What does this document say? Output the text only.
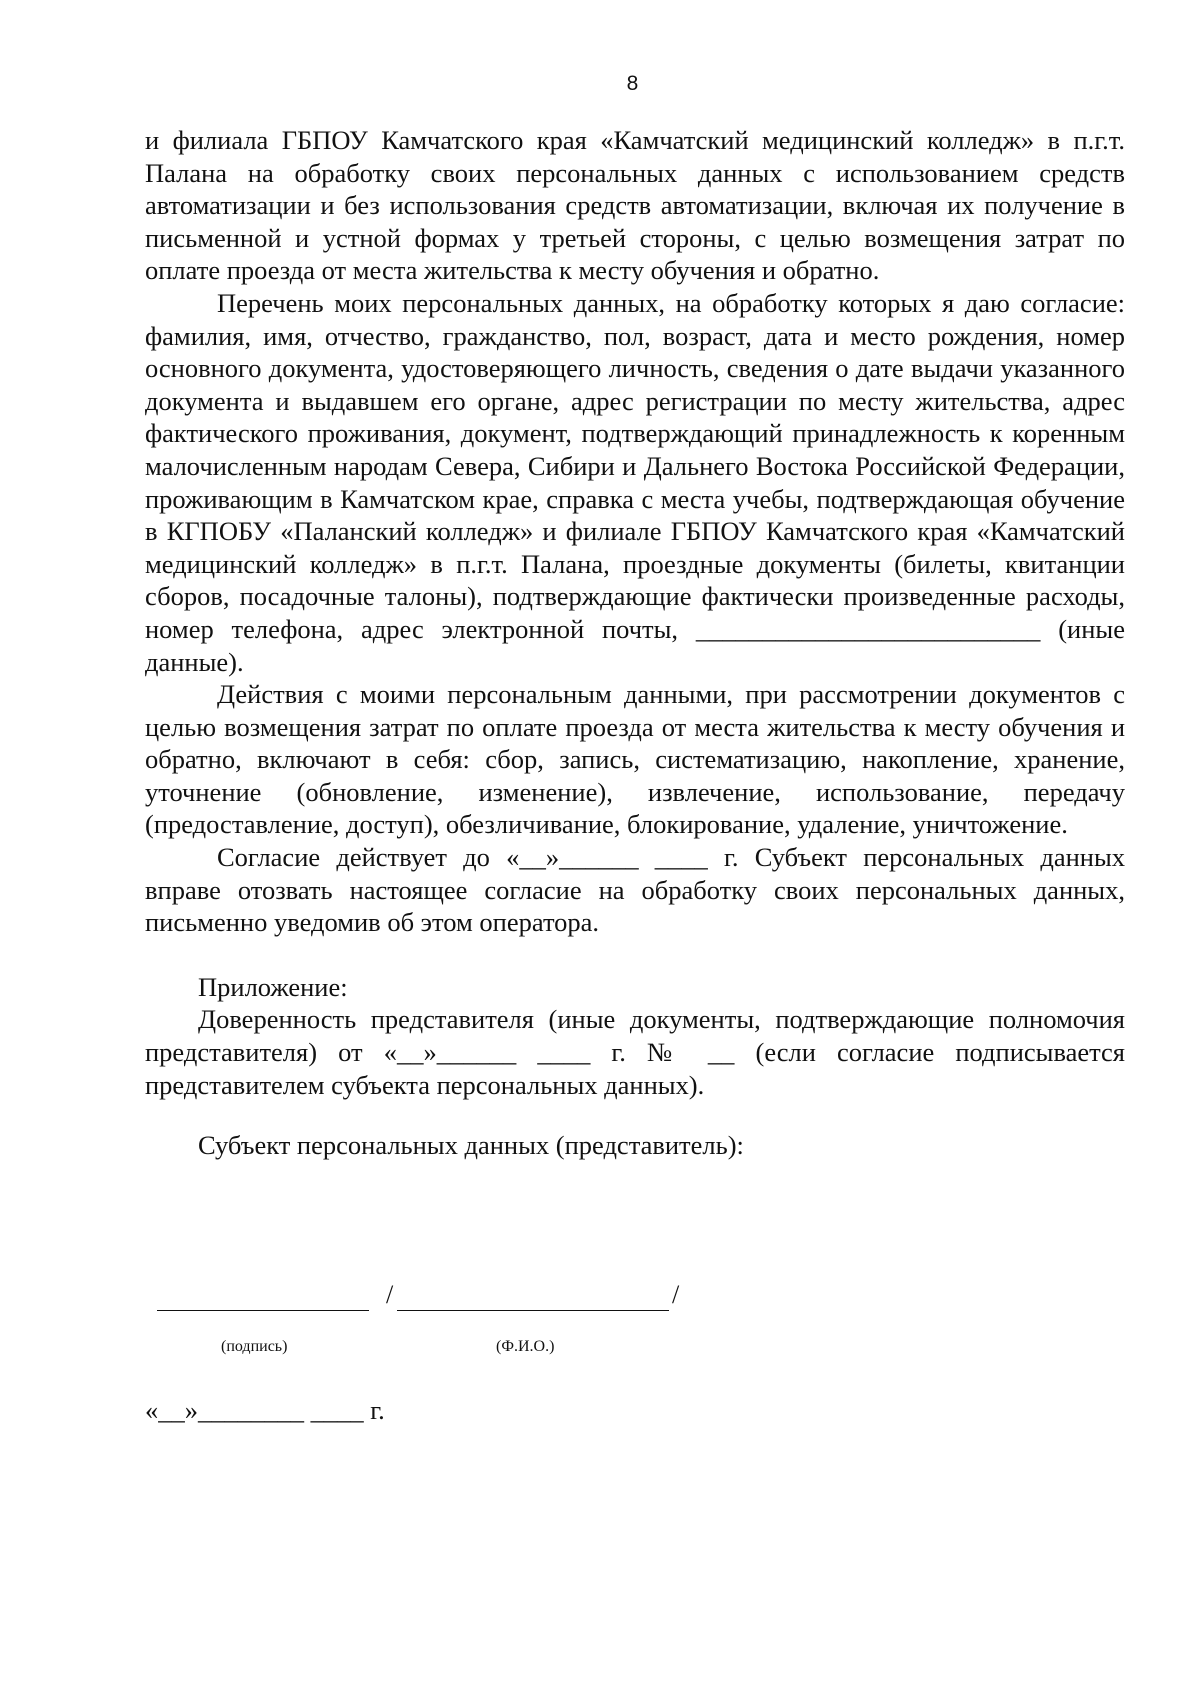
8

и филиала ГБПОУ Камчатского края «Камчатский медицинский колледж» в п.г.т. Палана на обработку своих персональных данных с использованием средств автоматизации и без использования средств автоматизации, включая их получение в письменной и устной формах у третьей стороны, с целью возмещения затрат по оплате проезда от места жительства к месту обучения и обратно.

Перечень моих персональных данных, на обработку которых я даю согласие: фамилия, имя, отчество, гражданство, пол, возраст, дата и место рождения, номер основного документа, удостоверяющего личность, сведения о дате выдачи указанного документа и выдавшем его органе, адрес регистрации по месту жительства, адрес фактического проживания, документ, подтверждающий принадлежность к коренным малочисленным народам Севера, Сибири и Дальнего Востока Российской Федерации, проживающим в Камчатском крае, справка с места учебы, подтверждающая обучение в КГПОБУ «Паланский колледж» и филиале ГБПОУ Камчатского края «Камчатский медицинский колледж» в п.г.т. Палана, проездные документы (билеты, квитанции сборов, посадочные талоны), подтверждающие фактически произведенные расходы, номер телефона, адрес электронной почты, __________________________ (иные данные).

Действия с моими персональным данными, при рассмотрении документов с целью возмещения затрат по оплате проезда от места жительства к месту обучения и обратно, включают в себя: сбор, запись, систематизацию, накопление, хранение, уточнение (обновление, изменение), извлечение, использование, передачу (предоставление, доступ), обезличивание, блокирование, удаление, уничтожение.

Согласие действует до «__»______ ____ г. Субъект персональных данных вправе отозвать настоящее согласие на обработку своих персональных данных, письменно уведомив об этом оператора.

Приложение:

Доверенность представителя (иные документы, подтверждающие полномочия представителя) от «__»______ ____ г. № __ (если согласие подписывается представителем субъекта персональных данных).

Субъект персональных данных (представитель):

/	/
(подпись)	(Ф.И.О.)
«__»________ ____ г.
